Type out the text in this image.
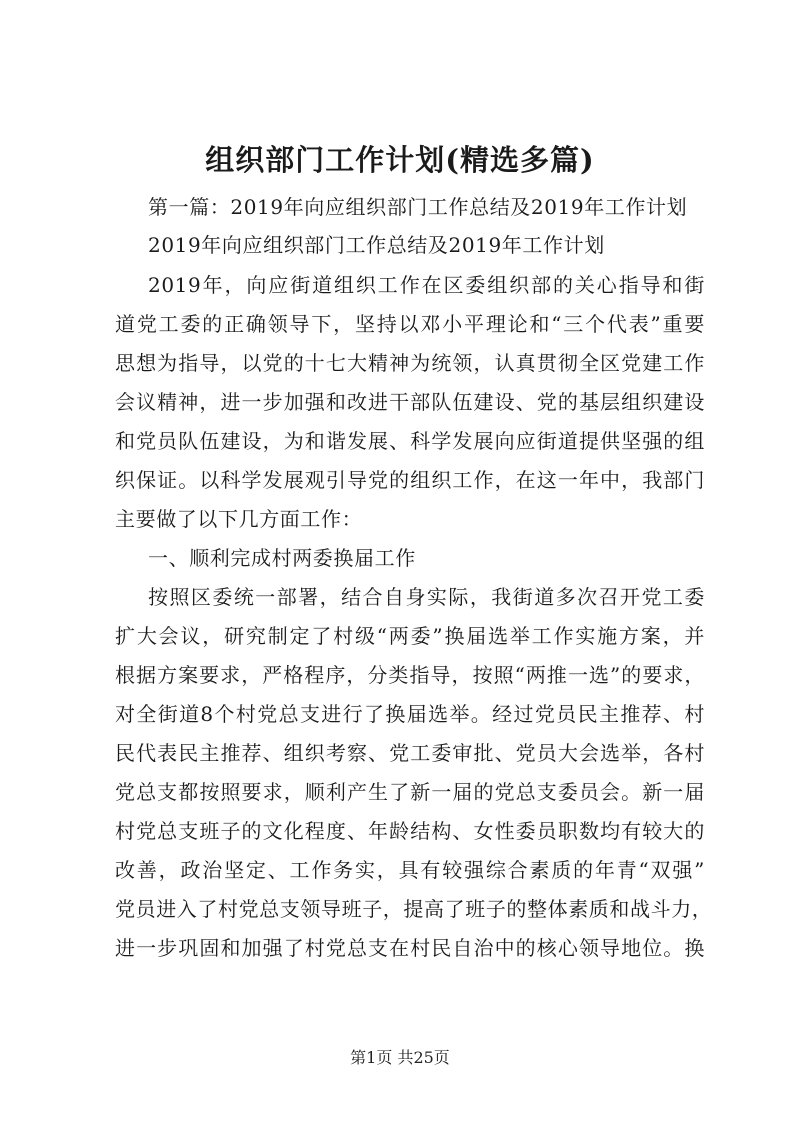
组织部门工作计划(精选多篇)
第一篇：2019年向应组织部门工作总结及2019年工作计划
2019年向应组织部门工作总结及2019年工作计划
2019年，向应街道组织工作在区委组织部的关心指导和街
道党工委的正确领导下，坚持以邓小平理论和“三个代表”重要
思想为指导，以党的十七大精神为统领，认真贯彻全区党建工作
会议精神，进一步加强和改进干部队伍建设、党的基层组织建设
和党员队伍建设，为和谐发展、科学发展向应街道提供坚强的组
织保证。以科学发展观引导党的组织工作，在这一年中，我部门
主要做了以下几方面工作：
一、顺利完成村两委换届工作
按照区委统一部署，结合自身实际，我街道多次召开党工委
扩大会议，研究制定了村级“两委”换届选举工作实施方案，并
根据方案要求，严格程序，分类指导，按照“两推一选”的要求，
对全街道8个村党总支进行了换届选举。经过党员民主推荐、村
民代表民主推荐、组织考察、党工委审批、党员大会选举，各村
党总支都按照要求，顺利产生了新一届的党总支委员会。新一届
村党总支班子的文化程度、年龄结构、女性委员职数均有较大的
改善，政治坚定、工作务实，具有较强综合素质的年青“双强”
党员进入了村党总支领导班子，提高了班子的整体素质和战斗力，
进一步巩固和加强了村党总支在村民自治中的核心领导地位。换
第1页 共25页
